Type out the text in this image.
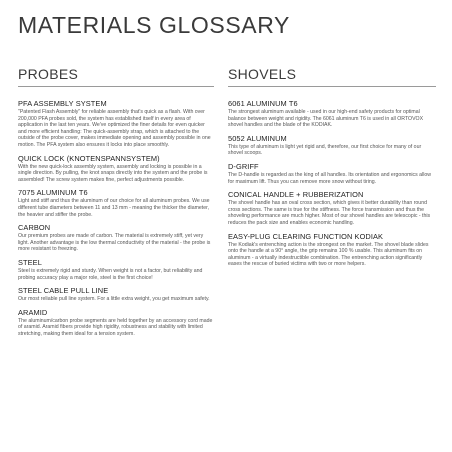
MATERIALS GLOSSARY
PROBES
PFA ASSEMBLY SYSTEM
"Patented Flash Assembly" for reliable assembly that's quick as a flash. With over 200,000 PFA probes sold, the system has established itself in every area of application in the last ten years. We've optimized the finer details for even quicker and more efficient handling: The quick-assembly strap, which is attached to the outside of the probe cover, makes immediate opening and assembly possible in one motion. The PFA system also ensures it locks into place smoothly.
QUICK LOCK (KNOTENSPANNSYSTEM)
With the new quick-lock assembly system, assembly and locking is possible in a single direction. By pulling, the knot snaps directly into the system and the probe is assembled! The screw system makes fine, perfect adjustments possible.
7075 ALUMINUM T6
Light and stiff and thus the aluminum of our choice for all aluminum probes. We use different tube diameters between 11 and 13 mm - meaning the thicker the diameter, the heavier and stiffer the probe.
CARBON
Our premium probes are made of carbon. The material is extremely stiff, yet very light. Another advantage is the low thermal conductivity of the material - the probe is more resistant to freezing.
STEEL
Steel is extremely rigid and sturdy. When weight is not a factor, but reliability and probing accuracy play a major role, steel is the first choice!
STEEL CABLE PULL LINE
Our most reliable pull line system. For a little extra weight, you get maximum safety.
ARAMID
The aluminum/carbon probe segments are held together by an accessory cord made of aramid. Aramid fibers provide high rigidity, robustness and stability with limited stretching, making them ideal for a tension system.
SHOVELS
6061 ALUMINUM T6
The strongest aluminum available - used in our high-end safety products for optimal balance between weight and rigidity. The 6061 aluminum T6 is used in all ORTOVOX shovel handles and the blade of the KODIAK.
5052 ALUMINUM
This type of aluminum is light yet rigid and, therefore, our first choice for many of our shovel scoops.
D-GRIFF
The D-handle is regarded as the king of all handles. Its orientation and ergonomics allow for maximum lift. Thus you can remove more snow without tiring.
CONICAL HANDLE + RUBBERIZATION
The shovel handle has an oval cross section, which gives it better durability than round cross sections. The same is true for the stiffness. The force transmission and thus the shoveling performance are much higher. Most of our shovel handles are telescopic - this reduces the pack size and enables economic handling.
EASY-PLUG CLEARING FUNCTION KODIAK
The Kodiak's entrenching action is the strongest on the market. The shovel blade slides onto the handle at a 90° angle, the grip remains 100 % usable. This aluminum fits on aluminum - a virtually indestructible combination. The entrenching action significantly eases the rescue of buried victims with two or more helpers.
